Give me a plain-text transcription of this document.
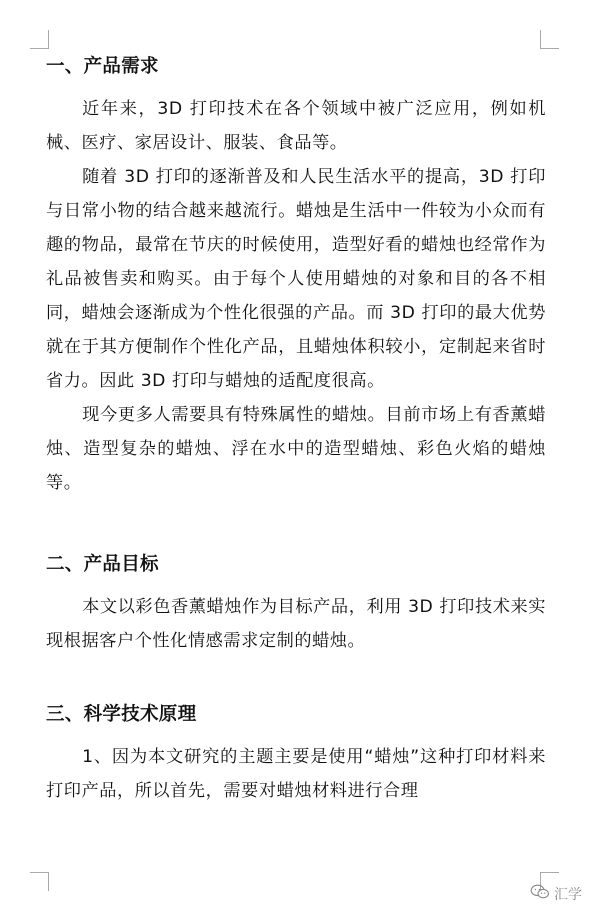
一、产品需求

近年来，3D 打印技术在各个领域中被广泛应用，例如机械、医疗、家居设计、服装、食品等。

随着 3D 打印的逐渐普及和人民生活水平的提高，3D 打印与日常小物的结合越来越流行。蜡烛是生活中一件较为小众而有趣的物品，最常在节庆的时候使用，造型好看的蜡烛也经常作为礼品被售卖和购买。由于每个人使用蜡烛的对象和目的各不相同，蜡烛会逐渐成为个性化很强的产品。而 3D 打印的最大优势就在于其方便制作个性化产品，且蜡烛体积较小，定制起来省时省力。因此 3D 打印与蜡烛的适配度很高。

现今更多人需要具有特殊属性的蜡烛。目前市场上有香薰蜡烛、造型复杂的蜡烛、浮在水中的造型蜡烛、彩色火焰的蜡烛等。

二、产品目标

本文以彩色香薰蜡烛作为目标产品，利用 3D 打印技术来实现根据客户个性化情感需求定制的蜡烛。

三、科学技术原理

1、因为本文研究的主题主要是使用“蜡烛”这种打印材料来打印产品，所以首先，需要对蜡烛材料进行合理

汇学
